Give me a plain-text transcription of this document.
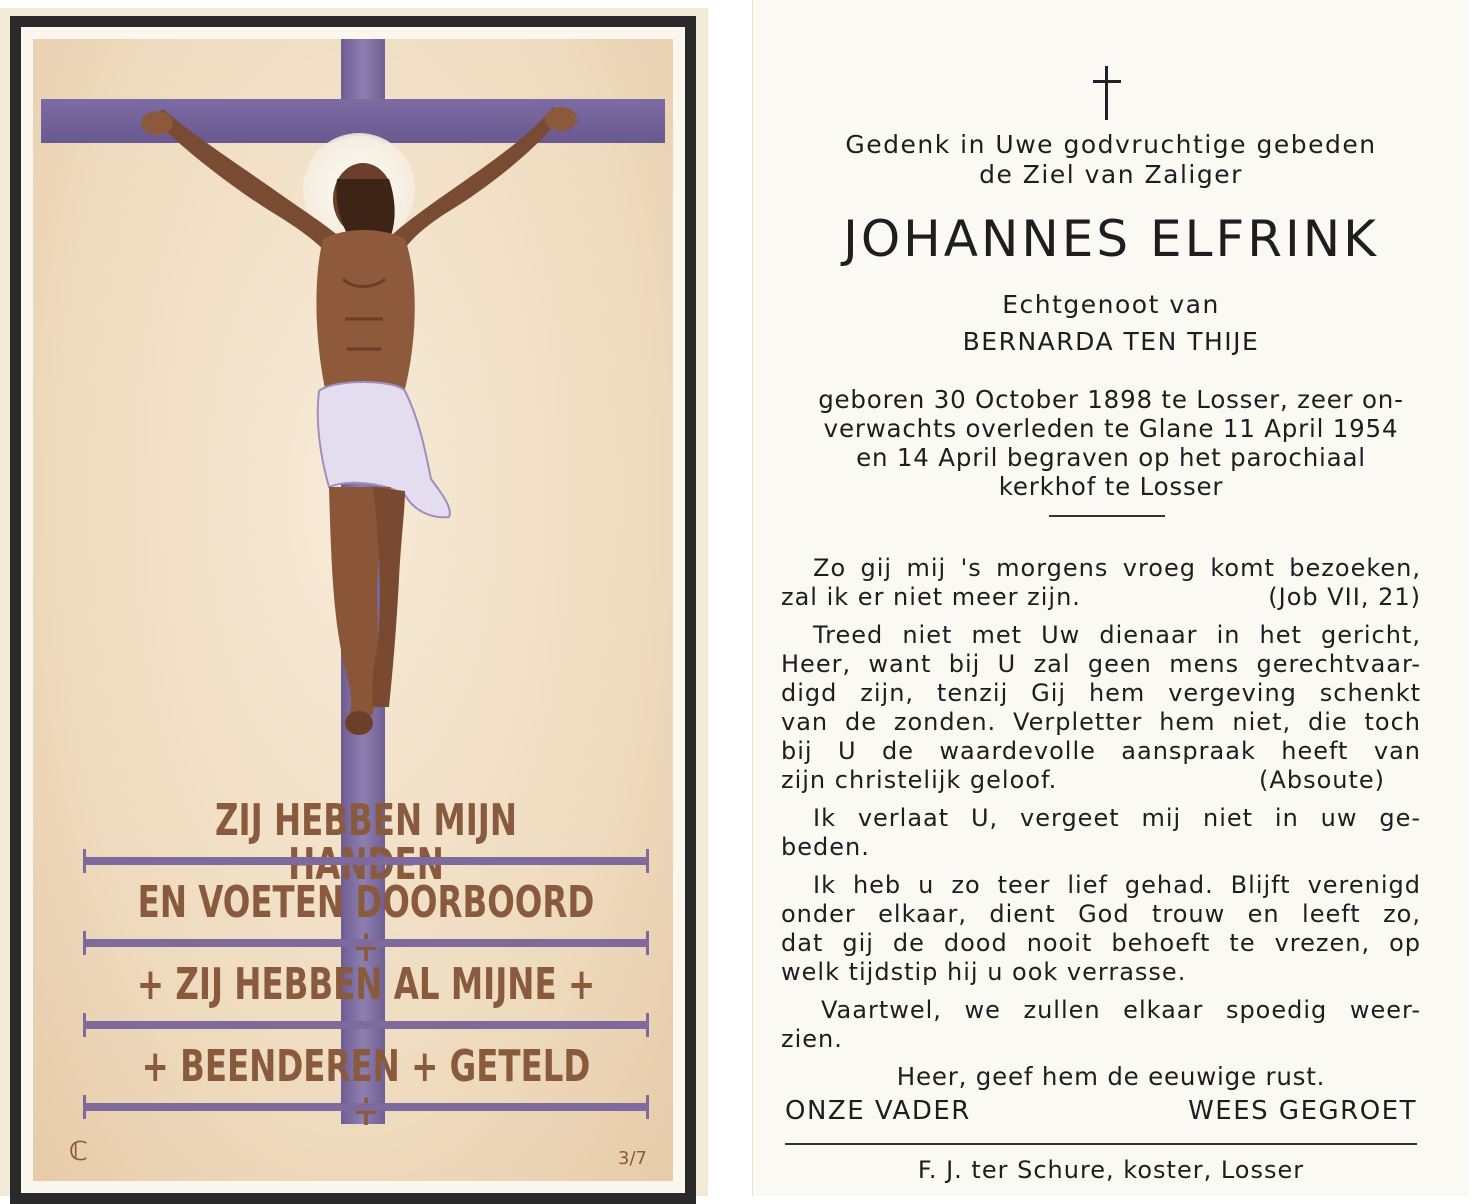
ZIJ HEBBEN MIJN
EN VOETEN DOORBOORD
+ ZIJ HEBBEN AL MIJNE +
+ BEENDEREN + GETELD
ℂ	3/7
Gedenk in Uwe godvruchtige gebeden
de Ziel van Zaliger
JOHANNES ELFRINK
Echtgenoot van
BERNARDA TEN THIJE
geboren 30 October 1898 te Losser, zeer on-
verwachts overleden te Glane 11 April 1954
en 14 April begraven op het parochiaal
kerkhof te Losser
Zo gij mij 's morgens vroeg komt bezoeken,
zal ik er niet meer zijn.	(Job VII, 21)
Treed niet met Uw dienaar in het gericht,
Heer, want bij U zal geen mens gerechtvaar-
digd zijn, tenzij Gij hem vergeving schenkt
van de zonden. Verpletter hem niet, die toch
bij U de waardevolle aanspraak heeft van
zijn christelijk geloof.	(Absoute)
Ik verlaat U, vergeet mij niet in uw ge-
beden.
Ik heb u zo teer lief gehad. Blijft verenigd
onder elkaar, dient God trouw en leeft zo,
dat gij de dood nooit behoeft te vrezen, op
welk tijdstip hij u ook verrasse.
Vaartwel, we zullen elkaar spoedig weer-
zien.
Heer, geef hem de eeuwige rust.
ONZE VADER	WEES GEGROET
F. J. ter Schure, koster, Losser
